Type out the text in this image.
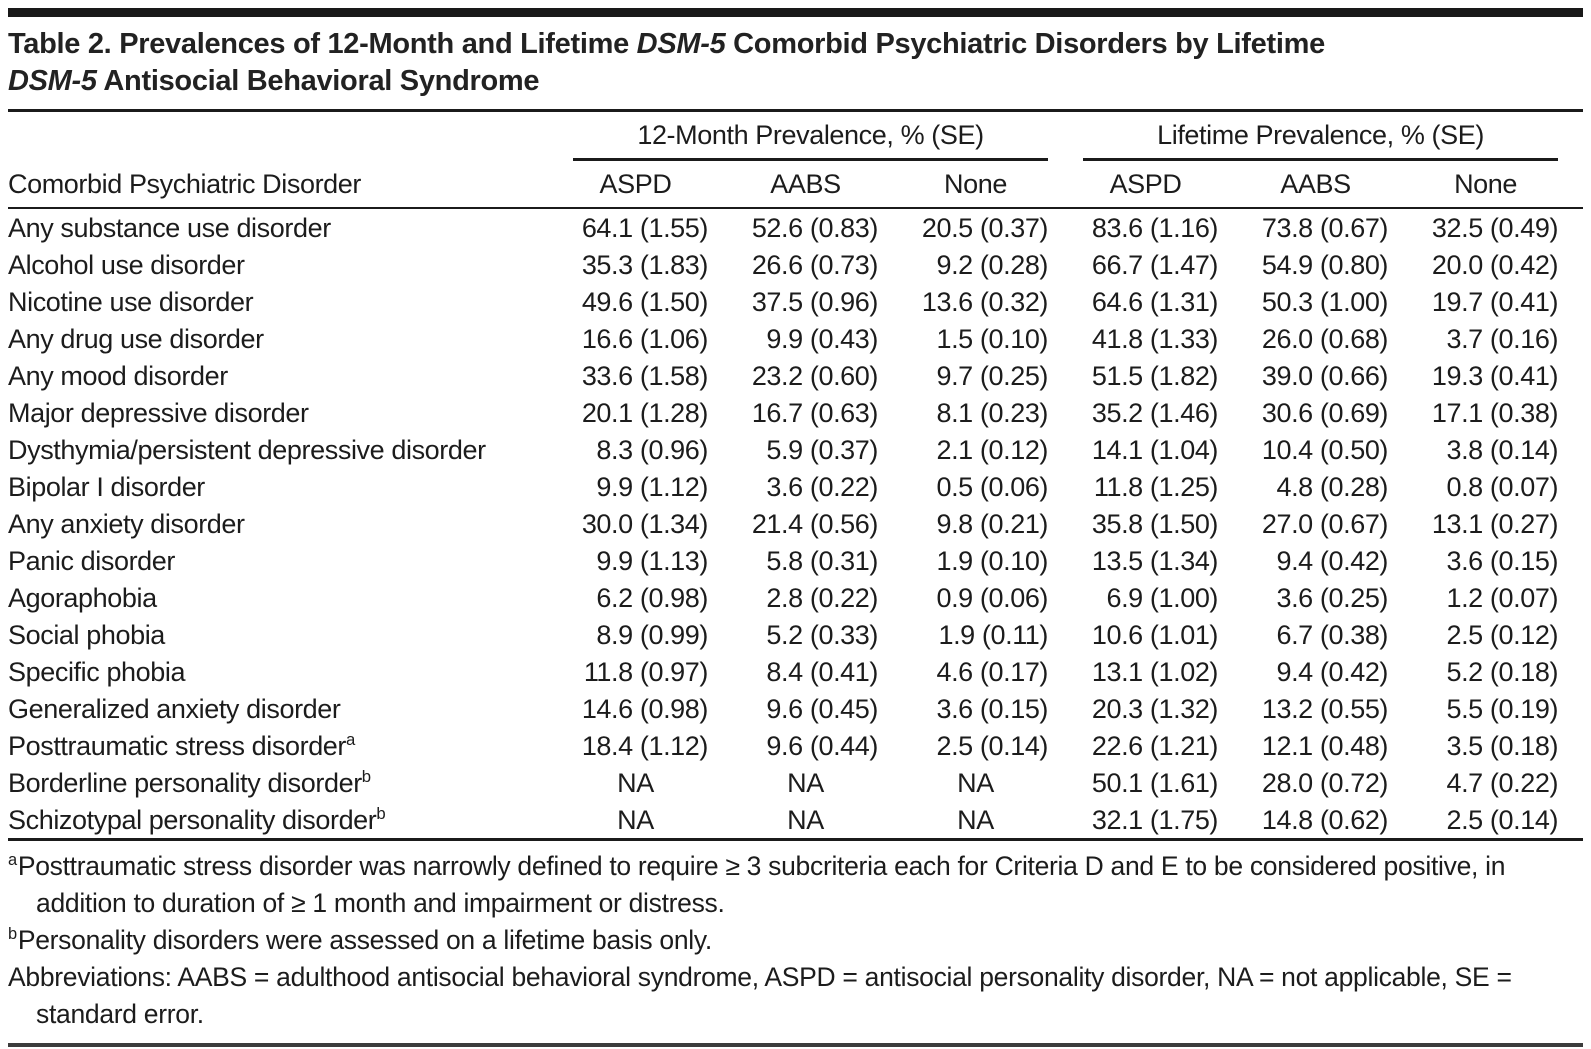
Table 2. Prevalences of 12-Month and Lifetime DSM-5 Comorbid Psychiatric Disorders by Lifetime
DSM-5 Antisocial Behavioral Syndrome

	12-Month Prevalence, % (SE)			Lifetime Prevalence, % (SE)		

Comorbid Psychiatric Disorder	ASPD	AABS	None	ASPD	AABS	None
Any substance use disorder	64.1 (1.55)	52.6 (0.83)	20.5 (0.37)	83.6 (1.16)	73.8 (0.67)	32.5 (0.49)
Alcohol use disorder	35.3 (1.83)	26.6 (0.73)	9.2 (0.28)	66.7 (1.47)	54.9 (0.80)	20.0 (0.42)
Nicotine use disorder	49.6 (1.50)	37.5 (0.96)	13.6 (0.32)	64.6 (1.31)	50.3 (1.00)	19.7 (0.41)
Any drug use disorder	16.6 (1.06)	9.9 (0.43)	1.5 (0.10)	41.8 (1.33)	26.0 (0.68)	3.7 (0.16)
Any mood disorder	33.6 (1.58)	23.2 (0.60)	9.7 (0.25)	51.5 (1.82)	39.0 (0.66)	19.3 (0.41)
Major depressive disorder	20.1 (1.28)	16.7 (0.63)	8.1 (0.23)	35.2 (1.46)	30.6 (0.69)	17.1 (0.38)
Dysthymia/persistent depressive disorder	8.3 (0.96)	5.9 (0.37)	2.1 (0.12)	14.1 (1.04)	10.4 (0.50)	3.8 (0.14)
Bipolar I disorder	9.9 (1.12)	3.6 (0.22)	0.5 (0.06)	11.8 (1.25)	4.8 (0.28)	0.8 (0.07)
Any anxiety disorder	30.0 (1.34)	21.4 (0.56)	9.8 (0.21)	35.8 (1.50)	27.0 (0.67)	13.1 (0.27)
Panic disorder	9.9 (1.13)	5.8 (0.31)	1.9 (0.10)	13.5 (1.34)	9.4 (0.42)	3.6 (0.15)
Agoraphobia	6.2 (0.98)	2.8 (0.22)	0.9 (0.06)	6.9 (1.00)	3.6 (0.25)	1.2 (0.07)
Social phobia	8.9 (0.99)	5.2 (0.33)	1.9 (0.11)	10.6 (1.01)	6.7 (0.38)	2.5 (0.12)
Specific phobia	11.8 (0.97)	8.4 (0.41)	4.6 (0.17)	13.1 (1.02)	9.4 (0.42)	5.2 (0.18)
Generalized anxiety disorder	14.6 (0.98)	9.6 (0.45)	3.6 (0.15)	20.3 (1.32)	13.2 (0.55)	5.5 (0.19)
Posttraumatic stress disorder$^a$	18.4 (1.12)	9.6 (0.44)	2.5 (0.14)	22.6 (1.21)	12.1 (0.48)	3.5 (0.18)
Borderline personality disorder$^b$	NA	NA	NA	50.1 (1.61)	28.0 (0.72)	4.7 (0.22)
Schizotypal personality disorder$^b$	NA	NA	NA	32.1 (1.75)	14.8 (0.62)	2.5 (0.14)
$^a$Posttraumatic stress disorder was narrowly defined to require ≥ 3 subcriteria each for Criteria D and E to be considered positive, in addition to duration of ≥ 1 month and impairment or distress.
$^b$Personality disorders were assessed on a lifetime basis only.
Abbreviations: AABS = adulthood antisocial behavioral syndrome, ASPD = antisocial personality disorder, NA = not applicable, SE = standard error.
